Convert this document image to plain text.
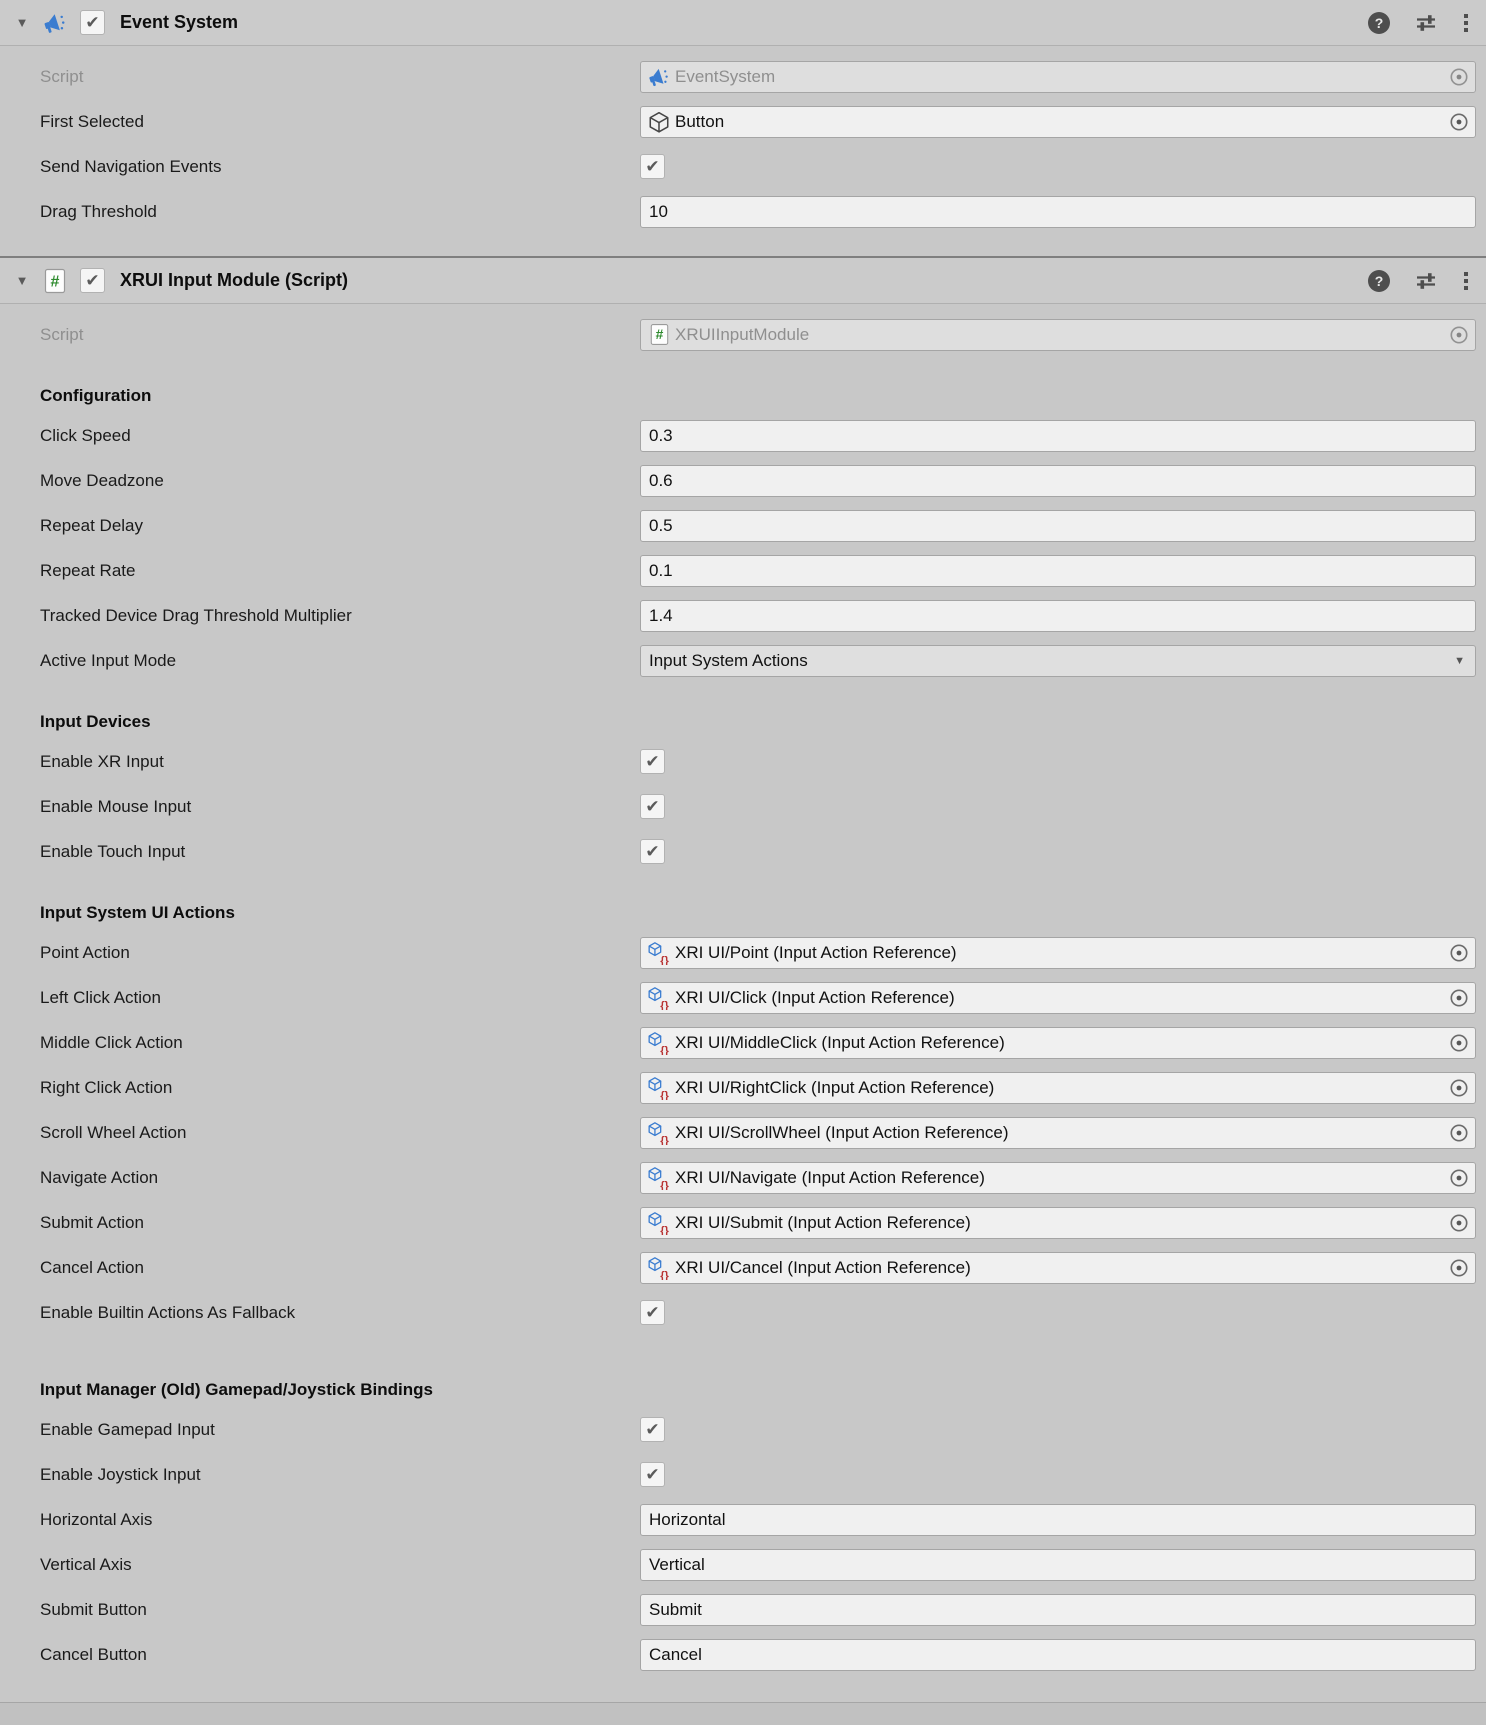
▼	✔ Event System	?
Script	EventSystem
First Selected	Button
Send Navigation Events	✔
Drag Threshold	10
▼	✔ XRUI Input Module (Script)	?
Script	XRUIInputModule
Configuration
Click Speed	0.3
Move Deadzone	0.6
Repeat Delay	0.5
Repeat Rate	0.1
Tracked Device Drag Threshold Multiplier	1.4
Active Input Mode	Input System Actions	▼
Input Devices
Enable XR Input	✔
Enable Mouse Input	✔
Enable Touch Input	✔
Input System UI Actions
Point Action	XRI UI/Point (Input Action Reference)
Left Click Action	XRI UI/Click (Input Action Reference)
Middle Click Action	XRI UI/MiddleClick (Input Action Reference)
Right Click Action	XRI UI/RightClick (Input Action Reference)
Scroll Wheel Action	XRI UI/ScrollWheel (Input Action Reference)
Navigate Action	XRI UI/Navigate (Input Action Reference)
Submit Action	XRI UI/Submit (Input Action Reference)
Cancel Action	XRI UI/Cancel (Input Action Reference)
Enable Builtin Actions As Fallback	✔
Input Manager (Old) Gamepad/Joystick Bindings
Enable Gamepad Input	✔
Enable Joystick Input	✔
Horizontal Axis	Horizontal
Vertical Axis	Vertical
Submit Button	Submit
Cancel Button	Cancel
